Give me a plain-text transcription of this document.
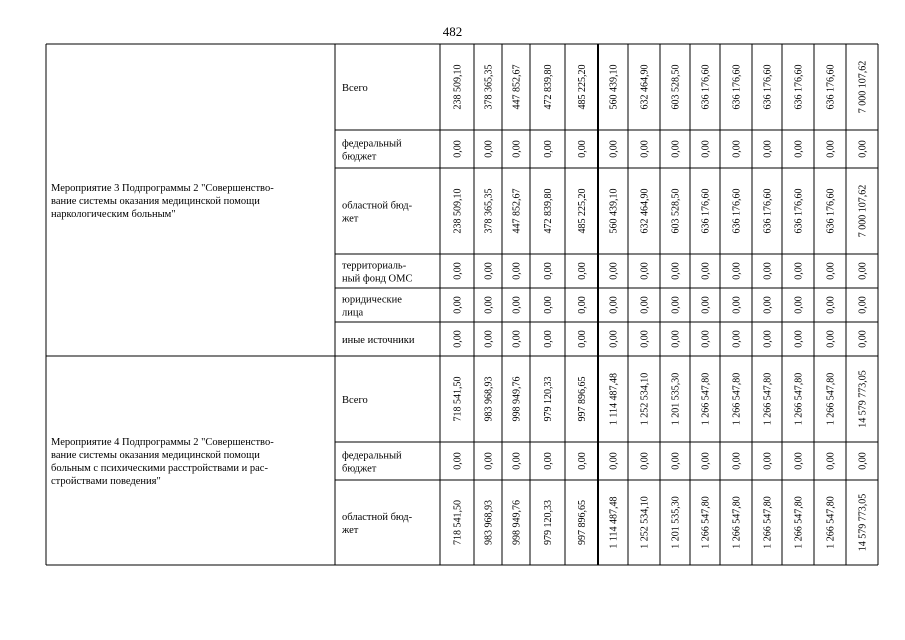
482
Мероприятие 3 Подпрограммы 2 "Совершенство-
вание системы оказания медицинской помощи
наркологическим больным"
Всего	238 509,10 378 365,35 447 852,67 472 839,80 485 225,20 560 439,10 632 464,90 603 528,50 636 176,60 636 176,60 636 176,60 636 176,60 636 176,60 7 000 107,62
федеральный
бюджет	0,00 0,00 0,00 0,00 0,00 0,00 0,00 0,00 0,00 0,00 0,00 0,00 0,00 0,00
областной бюд-
жет	238 509,10 378 365,35 447 852,67 472 839,80 485 225,20 560 439,10 632 464,90 603 528,50 636 176,60 636 176,60 636 176,60 636 176,60 636 176,60 7 000 107,62
территориаль-
ный фонд ОМС	0,00 0,00 0,00 0,00 0,00 0,00 0,00 0,00 0,00 0,00 0,00 0,00 0,00 0,00
юридические
лица	0,00 0,00 0,00 0,00 0,00 0,00 0,00 0,00 0,00 0,00 0,00 0,00 0,00 0,00
иные источники	0,00 0,00 0,00 0,00 0,00 0,00 0,00 0,00 0,00 0,00 0,00 0,00 0,00 0,00
Мероприятие 4 Подпрограммы 2 "Совершенство-
вание системы оказания медицинской помощи
больным с психическими расстройствами и рас-
стройствами поведения"
Всего	718 541,50 983 968,93 998 949,76 979 120,33 997 896,65 1 114 487,48 1 252 534,10 1 201 535,30 1 266 547,80 1 266 547,80 1 266 547,80 1 266 547,80 1 266 547,80 14 579 773,05
федеральный
бюджет	0,00 0,00 0,00 0,00 0,00 0,00 0,00 0,00 0,00 0,00 0,00 0,00 0,00 0,00
областной бюд-
жет	718 541,50 983 968,93 998 949,76 979 120,33 997 896,65 1 114 487,48 1 252 534,10 1 201 535,30 1 266 547,80 1 266 547,80 1 266 547,80 1 266 547,80 1 266 547,80 14 579 773,05
